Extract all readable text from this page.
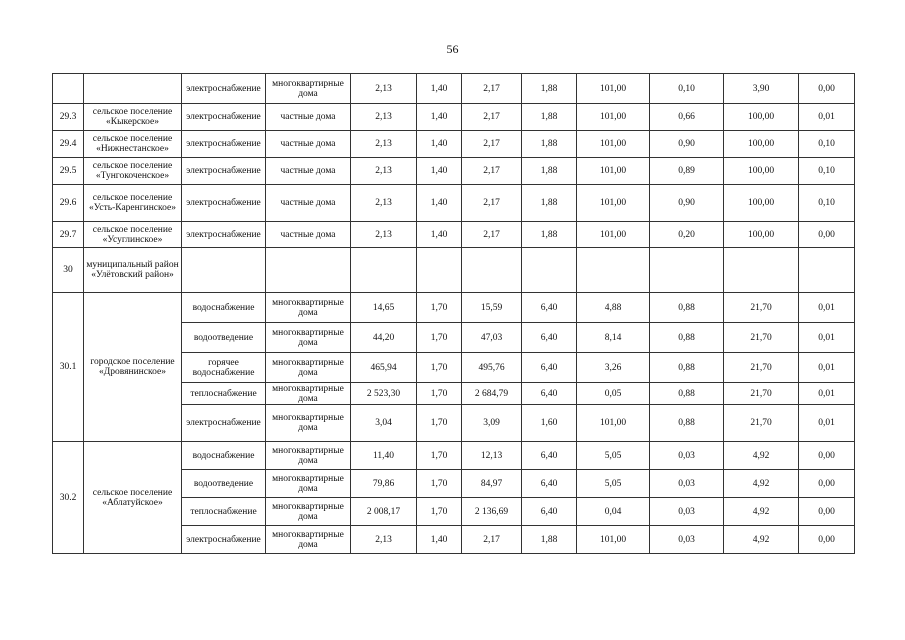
56
		электроснабжение	многоквартирные дома	2,13	1,40	2,17	1,88	101,00	0,10	3,90	0,00
29.3	сельское поселение «Кыкерское»	электроснабжение	частные дома	2,13	1,40	2,17	1,88	101,00	0,66	100,00	0,01
29.4	сельское поселение «Нижнестанское»	электроснабжение	частные дома	2,13	1,40	2,17	1,88	101,00	0,90	100,00	0,10
29.5	сельское поселение «Тунгокоченское»	электроснабжение	частные дома	2,13	1,40	2,17	1,88	101,00	0,89	100,00	0,10
29.6	сельское поселение «Усть-Каренгинское»	электроснабжение	частные дома	2,13	1,40	2,17	1,88	101,00	0,90	100,00	0,10
29.7	сельское поселение «Усуглинское»	электроснабжение	частные дома	2,13	1,40	2,17	1,88	101,00	0,20	100,00	0,00
30	муниципальный район «Улётовский район»										
30.1	городское поселение «Дровянинское»	водоснабжение	многоквартирные дома	14,65	1,70	15,59	6,40	4,88	0,88	21,70	0,01
		водоотведение	многоквартирные дома	44,20	1,70	47,03	6,40	8,14	0,88	21,70	0,01
		горячее водоснабжение	многоквартирные дома	465,94	1,70	495,76	6,40	3,26	0,88	21,70	0,01
		теплоснабжение	многоквартирные дома	2 523,30	1,70	2 684,79	6,40	0,05	0,88	21,70	0,01
		электроснабжение	многоквартирные дома	3,04	1,70	3,09	1,60	101,00	0,88	21,70	0,01
30.2	сельское поселение «Аблатуйское»	водоснабжение	многоквартирные дома	11,40	1,70	12,13	6,40	5,05	0,03	4,92	0,00
		водоотведение	многоквартирные дома	79,86	1,70	84,97	6,40	5,05	0,03	4,92	0,00
		теплоснабжение	многоквартирные дома	2 008,17	1,70	2 136,69	6,40	0,04	0,03	4,92	0,00
		электроснабжение	многоквартирные дома	2,13	1,40	2,17	1,88	101,00	0,03	4,92	0,00
